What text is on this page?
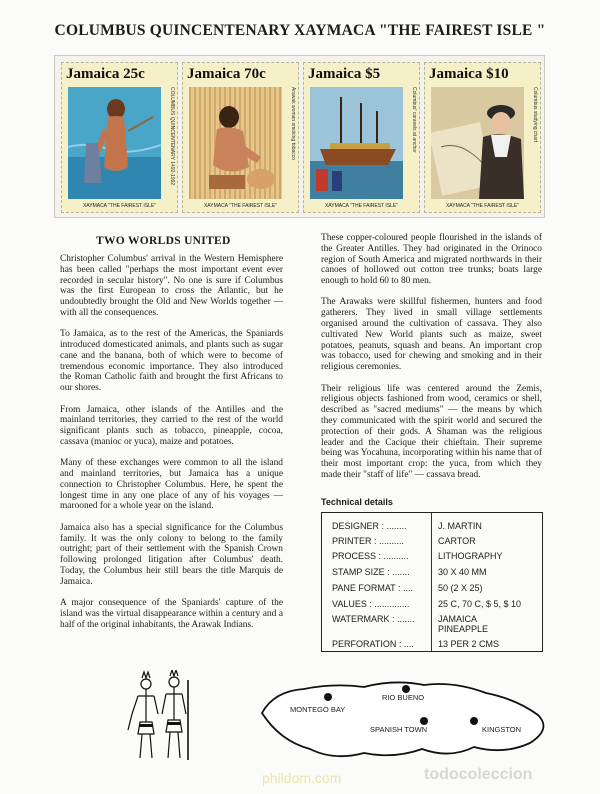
COLUMBUS QUINCENTENARY XAYMACA "THE FAIREST ISLE "
Jamaica 25c
COLUMBUS QUINCENTENARY 1492-1992
XAYMACA "THE FAIREST ISLE"
Jamaica 70c
Arawak woman smoking tobacco
XAYMACA "THE FAIREST ISLE"
Jamaica $5
Columbus' caravels at anchor
XAYMACA "THE FAIREST ISLE"
Jamaica $10
Columbus studying chart
XAYMACA "THE FAIREST ISLE"
TWO WORLDS UNITED

Christopher Columbus' arrival in the Western Hemisphere has been called "perhaps the most important event ever recorded in secular history". No one is sure if Columbus was the first European to cross the Atlantic, but he undoubtedly brought the Old and New Worlds together — with all the consequences.

To Jamaica, as to the rest of the Americas, the Spaniards introduced domesticated animals, and plants such as sugar cane and the banana, both of which were to become of tremendous economic importance. They also introduced the Roman Catholic faith and brought the first Africans to our shores.

From Jamaica, other islands of the Antilles and the mainland territories, they carried to the rest of the world significant plants such as tobacco, pineapple, cocoa, cassava (manioc or yuca), maize and potatoes.

Many of these exchanges were common to all the island and mainland territories, but Jamaica has a unique connection to Christopher Columbus. Here, he spent the longest time in any one place of any of his voyages — marooned for a whole year on the island.

Jamaica also has a special significance for the Columbus family. It was the only colony to belong to the family outright; part of their settlement with the Spanish Crown following prolonged litigation after Columbus' death. Today, the Columbus heir still bears the title Marquis de Jamaica.

A major consequence of the Spaniards' capture of the island was the virtual disappearance within a century and a half of the original inhabitants, the Arawak Indians.

These copper-coloured people flourished in the islands of the Greater Antilles. They had originated in the Orinoco region of South America and migrated northwards in their canoes of hollowed out cotton tree trunks; boats large enough to hold 60 to 80 men.

The Arawaks were skillful fishermen, hunters and food gatherers. They lived in small village settlements organised around the cultivation of cassava. They also cultivated New World plants such as maize, sweet potatoes, peanuts, squash and beans. An important crop was tobacco, used for chewing and smoking and in their religious ceremonies.

Their religious life was centered around the Zemis, religious objects fashioned from wood, ceramics or shell, described as "sacred mediums" — the means by which they communicated with the spirit world and secured the protection of their gods. A Shaman was the religious leader and the Cacique their chieftain. Their supreme being was Yocahuna, incorporating within his name that of their most important crop: the yuca, from which they made their "staff of life" — cassava bread.

Technical details
DESIGNER : ........	J. MARTIN
PRINTER : ..........	CARTOR
PROCESS : ..........	LITHOGRAPHY
STAMP SIZE : .......	30 X 40 MM
PANE FORMAT : ....	50 (2 X 25)
VALUES : ..............	25 C, 70 C, $ 5, $ 10
WATERMARK : .......	JAMAICA
PINEAPPLE
PERFORATION : ....	13 PER 2 CMS
MONTEGO BAY
RIO BUENO
SPANISH TOWN	KINGSTON
phildom.com	todocoleccion
